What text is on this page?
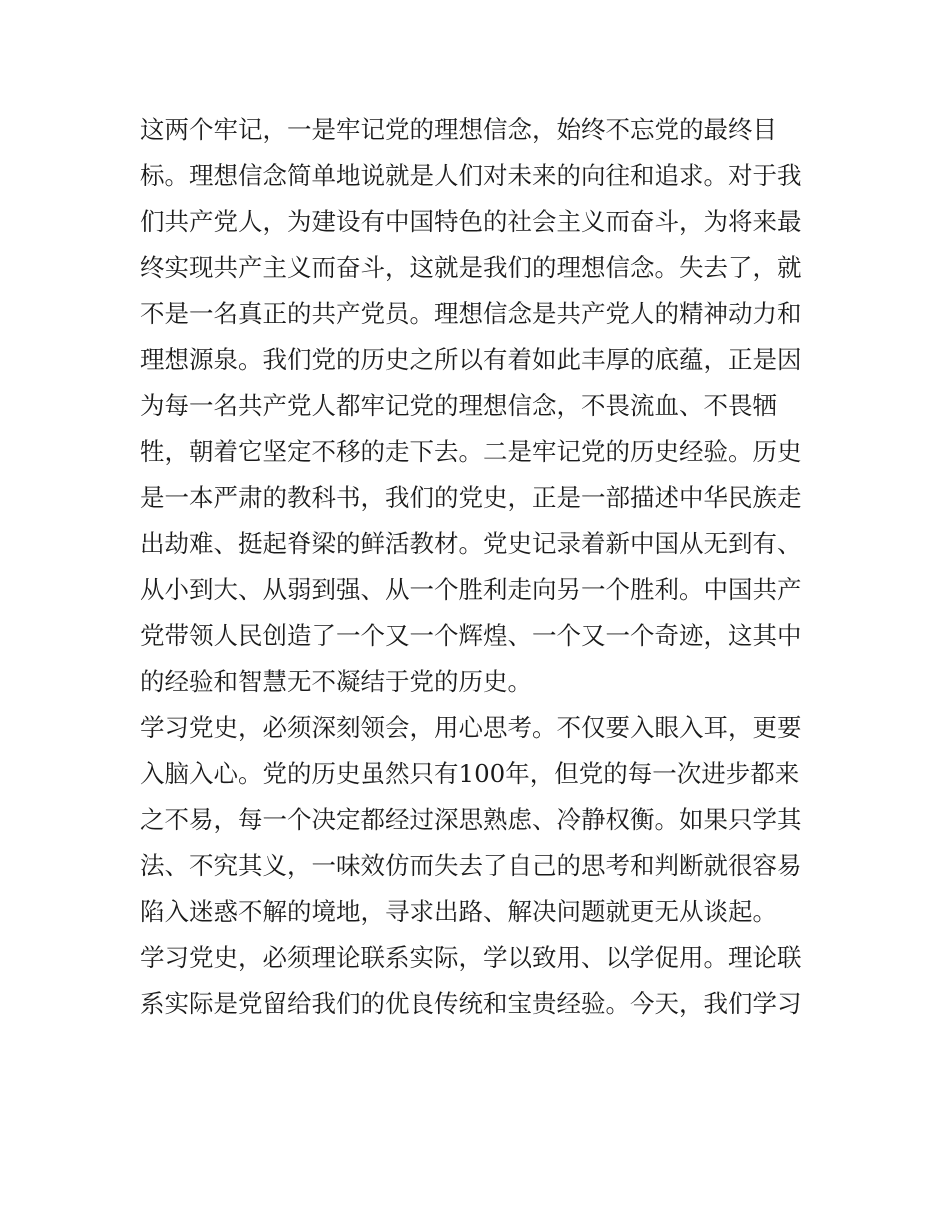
这两个牢记，一是牢记党的理想信念，始终不忘党的最终目
标。理想信念简单地说就是人们对未来的向往和追求。对于我
们共产党人，为建设有中国特色的社会主义而奋斗，为将来最
终实现共产主义而奋斗，这就是我们的理想信念。失去了，就
不是一名真正的共产党员。理想信念是共产党人的精神动力和
理想源泉。我们党的历史之所以有着如此丰厚的底蕴，正是因
为每一名共产党人都牢记党的理想信念，不畏流血、不畏牺
牲，朝着它坚定不移的走下去。二是牢记党的历史经验。历史
是一本严肃的教科书，我们的党史，正是一部描述中华民族走
出劫难、挺起脊梁的鲜活教材。党史记录着新中国从无到有、
从小到大、从弱到强、从一个胜利走向另一个胜利。中国共产
党带领人民创造了一个又一个辉煌、一个又一个奇迹，这其中
的经验和智慧无不凝结于党的历史。
学习党史，必须深刻领会，用心思考。不仅要入眼入耳，更要
入脑入心。党的历史虽然只有100年，但党的每一次进步都来
之不易，每一个决定都经过深思熟虑、冷静权衡。如果只学其
法、不究其义，一味效仿而失去了自己的思考和判断就很容易
陷入迷惑不解的境地，寻求出路、解决问题就更无从谈起。
学习党史，必须理论联系实际，学以致用、以学促用。理论联
系实际是党留给我们的优良传统和宝贵经验。今天，我们学习
